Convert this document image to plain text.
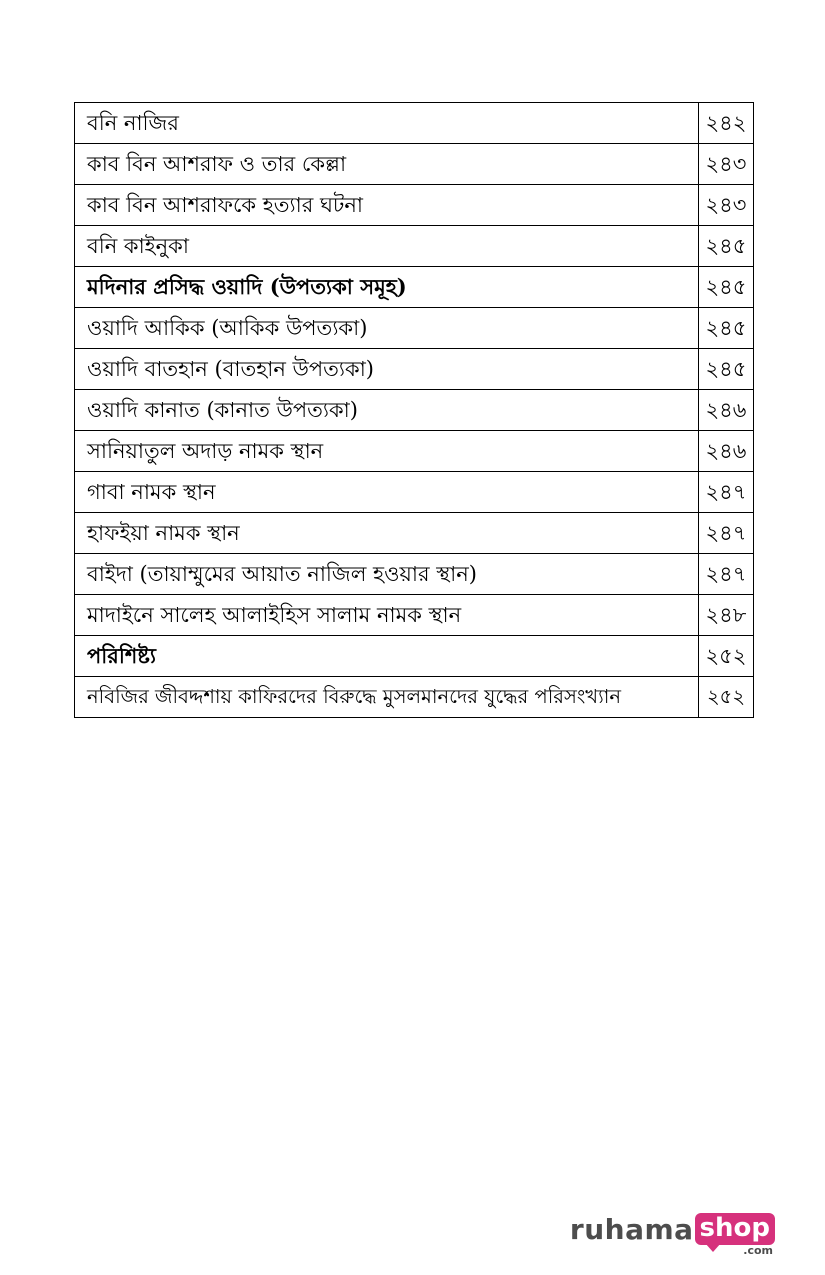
বনি নাজির	২৪২
কাব বিন আশরাফ ও তার কেল্লা	২৪৩
কাব বিন আশরাফকে হত্যার ঘটনা	২৪৩
বনি কাইনুকা	২৪৫
মদিনার প্রসিদ্ধ ওয়াদি (উপত্যকা সমূহ)	২৪৫
ওয়াদি আকিক (আকিক উপত্যকা)	২৪৫
ওয়াদি বাতহান (বাতহান উপত্যকা)	২৪৫
ওয়াদি কানাত (কানাত উপত্যকা)	২৪৬
সানিয়াতুল অদাড় নামক স্থান	২৪৬
গাবা নামক স্থান	২৪৭
হাফইয়া নামক স্থান	২৪৭
বাইদা (তায়াম্মুমের আয়াত নাজিল হওয়ার স্থান)	২৪৭
মাদাইনে সালেহ আলাইহিস সালাম নামক স্থান	২৪৮
পরিশিষ্ট্য	২৫২
নবিজির জীবদ্দশায় কাফিরদের বিরুদ্ধে মুসলমানদের যুদ্ধের পরিসংখ্যান	২৫২
ruhama shop
.com
